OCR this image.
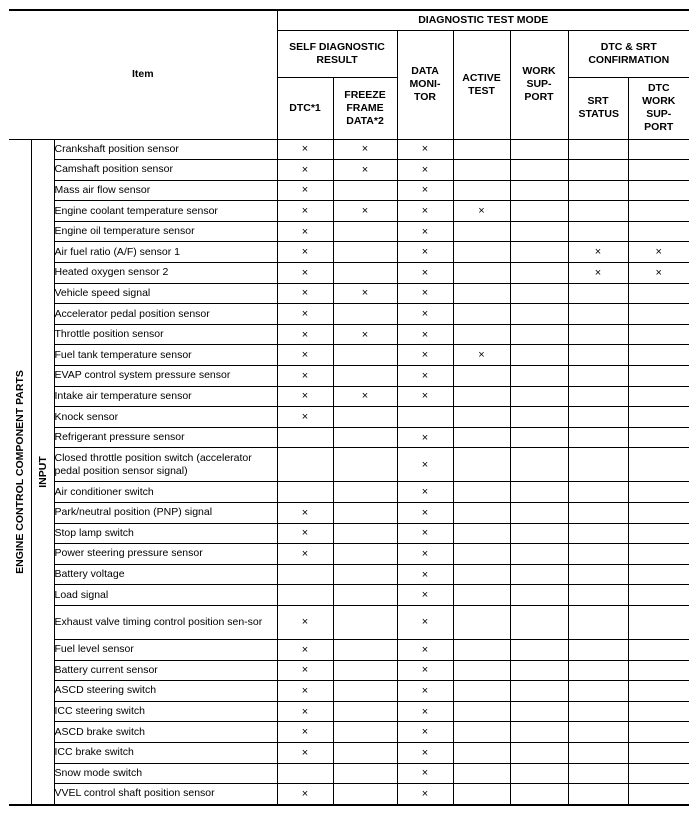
Item			DIAGNOSTIC TEST MODE						
			SELF DIAGNOSTIC RESULT		DATA MONI-TOR	ACTIVE TEST	WORK SUP-PORT	DTC & SRT CONFIRMATION	
			DTC*1	FREEZE FRAME DATA*2				SRT STATUS	DTC WORK SUP-PORT

ENGINE CONTROL COMPONENT PARTS	INPUT	Crankshaft position sensor	×	×	×				
		Camshaft position sensor	×	×	×				
		Mass air flow sensor	×		×				
		Engine coolant temperature sensor	×	×	×	×			
		Engine oil temperature sensor	×		×				
		Air fuel ratio (A/F) sensor 1	×		×			×	×
		Heated oxygen sensor 2	×		×			×	×
		Vehicle speed signal	×	×	×				
		Accelerator pedal position sensor	×		×				
		Throttle position sensor	×	×	×				
		Fuel tank temperature sensor	×		×	×			
		EVAP control system pressure sensor	×		×				
		Intake air temperature sensor	×	×	×				
		Knock sensor	×						
		Refrigerant pressure sensor			×				
		Closed throttle position switch (accelerator pedal position sensor signal)			×				
		Air conditioner switch			×				
		Park/neutral position (PNP) signal	×		×				
		Stop lamp switch	×		×				
		Power steering pressure sensor	×		×				
		Battery voltage			×				
		Load signal			×				
		Exhaust valve timing control position sen-sor	×		×				
		Fuel level sensor	×		×				
		Battery current sensor	×		×				
		ASCD steering switch	×		×				
		ICC steering switch	×		×				
		ASCD brake switch	×		×				
		ICC brake switch	×		×				
		Snow mode switch			×				
		VVEL control shaft position sensor	×		×				
